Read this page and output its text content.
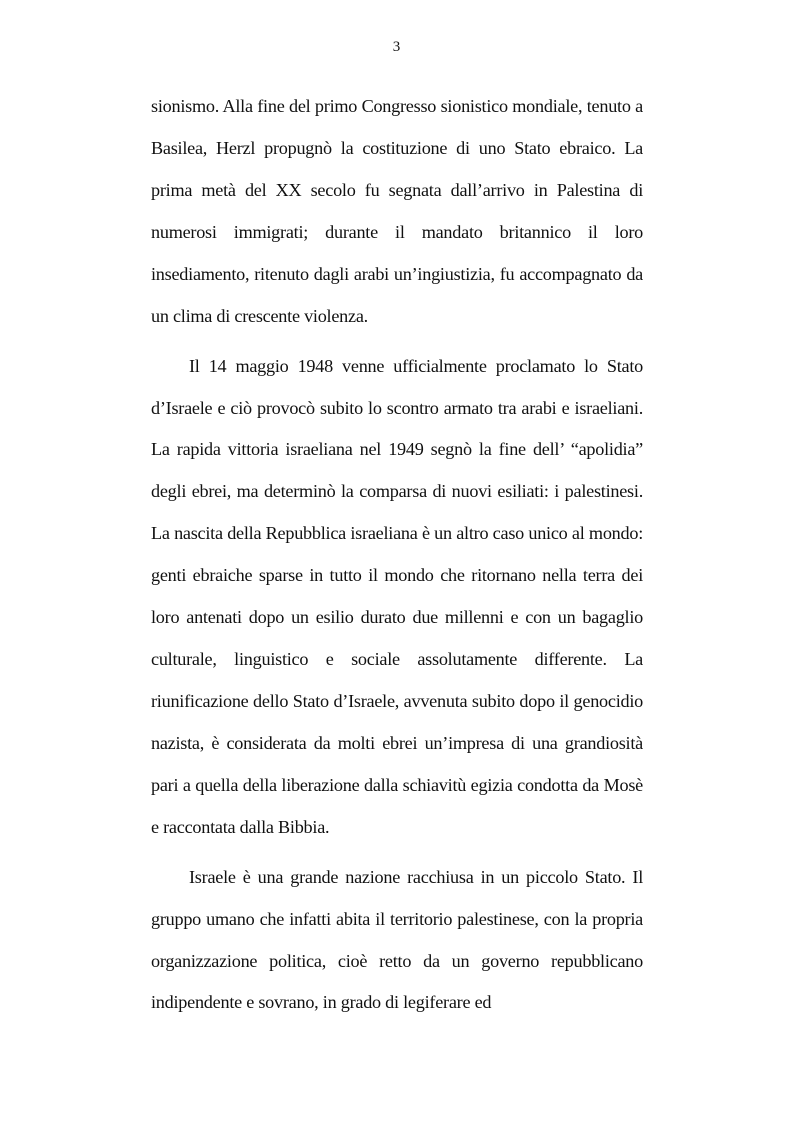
3

sionismo. Alla fine del primo Congresso sionistico mondiale, tenuto a Basilea, Herzl propugnò la costituzione di uno Stato ebraico. La prima metà del XX secolo fu segnata dall’arrivo in Palestina di numerosi immigrati; durante il mandato britannico il loro insediamento, ritenuto dagli arabi un’ingiustizia, fu accompagnato da un clima di crescente violenza.

Il 14 maggio 1948 venne ufficialmente proclamato lo Stato d’Israele e ciò provocò subito lo scontro armato tra arabi e israeliani. La rapida vittoria israeliana nel 1949 segnò la fine dell’ “apolidia” degli ebrei, ma determinò la comparsa di nuovi esiliati: i palestinesi. La nascita della Repubblica israeliana è un altro caso unico al mondo: genti ebraiche sparse in tutto il mondo che ritornano nella terra dei loro antenati dopo un esilio durato due millenni e con un bagaglio culturale, linguistico e sociale assolutamente differente. La riunificazione dello Stato d’Israele, avvenuta subito dopo il genocidio nazista, è considerata da molti ebrei un’impresa di una grandiosità pari a quella della liberazione dalla schiavitù egizia condotta da Mosè e raccontata dalla Bibbia.

Israele è una grande nazione racchiusa in un piccolo Stato. Il gruppo umano che infatti abita il territorio palestinese, con la propria organizzazione politica, cioè retto da un governo repubblicano indipendente e sovrano, in grado di legiferare ed
